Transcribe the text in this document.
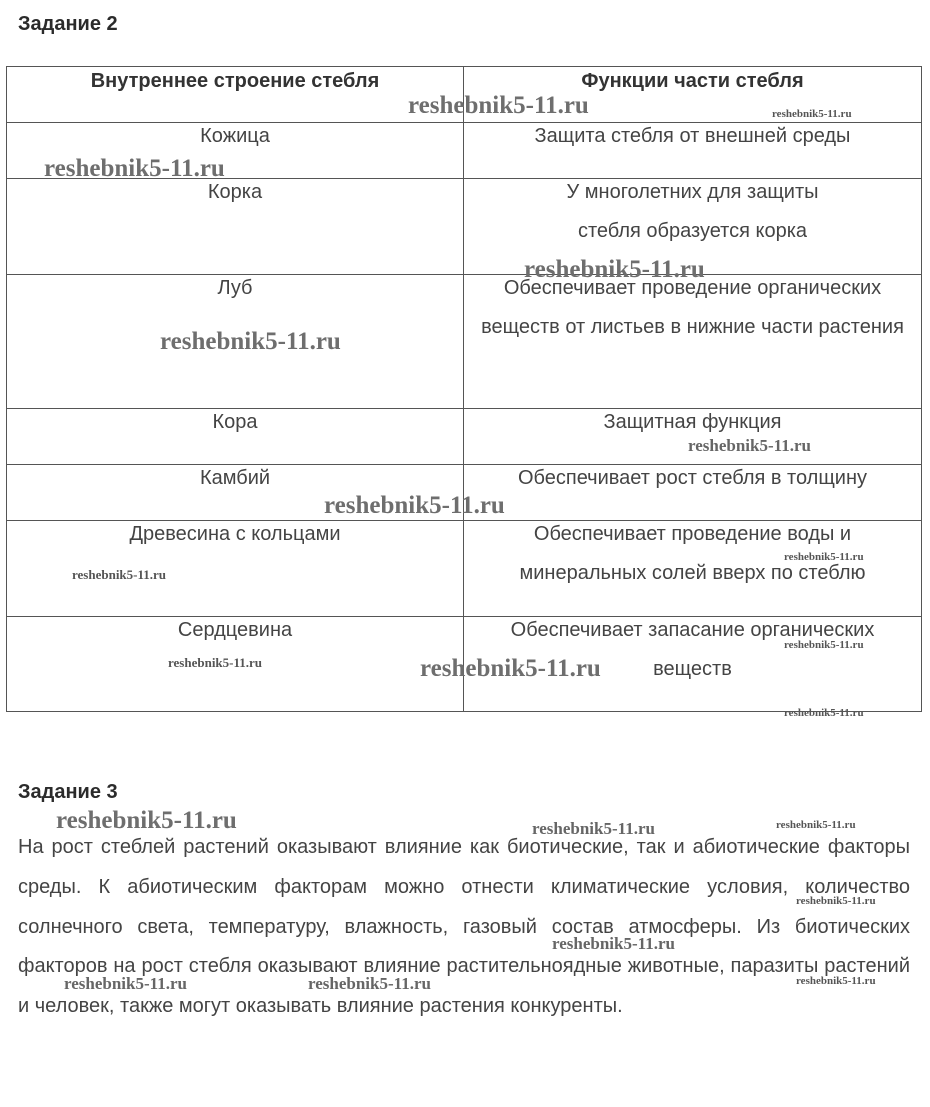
Задание 2
Внутреннее строение стебля	Функции части стебля

Кожица	Защита стебля от внешней среды

Корка	У многолетних для защиты стебля образуется корка

Луб	Обеспечивает проведение органических веществ от листьев в нижние части растения

Кора	Защитная функция

Камбий	Обеспечивает рост стебля в толщину

Древесина с кольцами	Обеспечивает проведение воды и минеральных солей вверх по стеблю

Сердцевина	Обеспечивает запасание органических веществ
Задание 3

На рост стеблей растений оказывают влияние как биотические, так и абиотические факторы среды. К абиотическим факторам можно отнести климатические условия, количество солнечного света, температуру, влажность, газовый состав атмосферы. Из биотических факторов на рост стебля оказывают влияние растительноядные животные, паразиты растений и человек, также могут оказывать влияние растения конкуренты.

reshebnik5-11.ru	reshebnik5-11.ru
reshebnik5-11.ru
reshebnik5-11.ru
reshebnik5-11.ru
reshebnik5-11.ru
reshebnik5-11.ru
reshebnik5-11.ru
reshebnik5-11.ru
reshebnik5-11.ru
reshebnik5-11.ru	reshebnik5-11.ru
reshebnik5-11.ru
reshebnik5-11.ru	reshebnik5-11.ru	reshebnik5-11.ru
reshebnik5-11.ru
reshebnik5-11.ru
reshebnik5-11.ru
reshebnik5-11.ru	reshebnik5-11.ru
